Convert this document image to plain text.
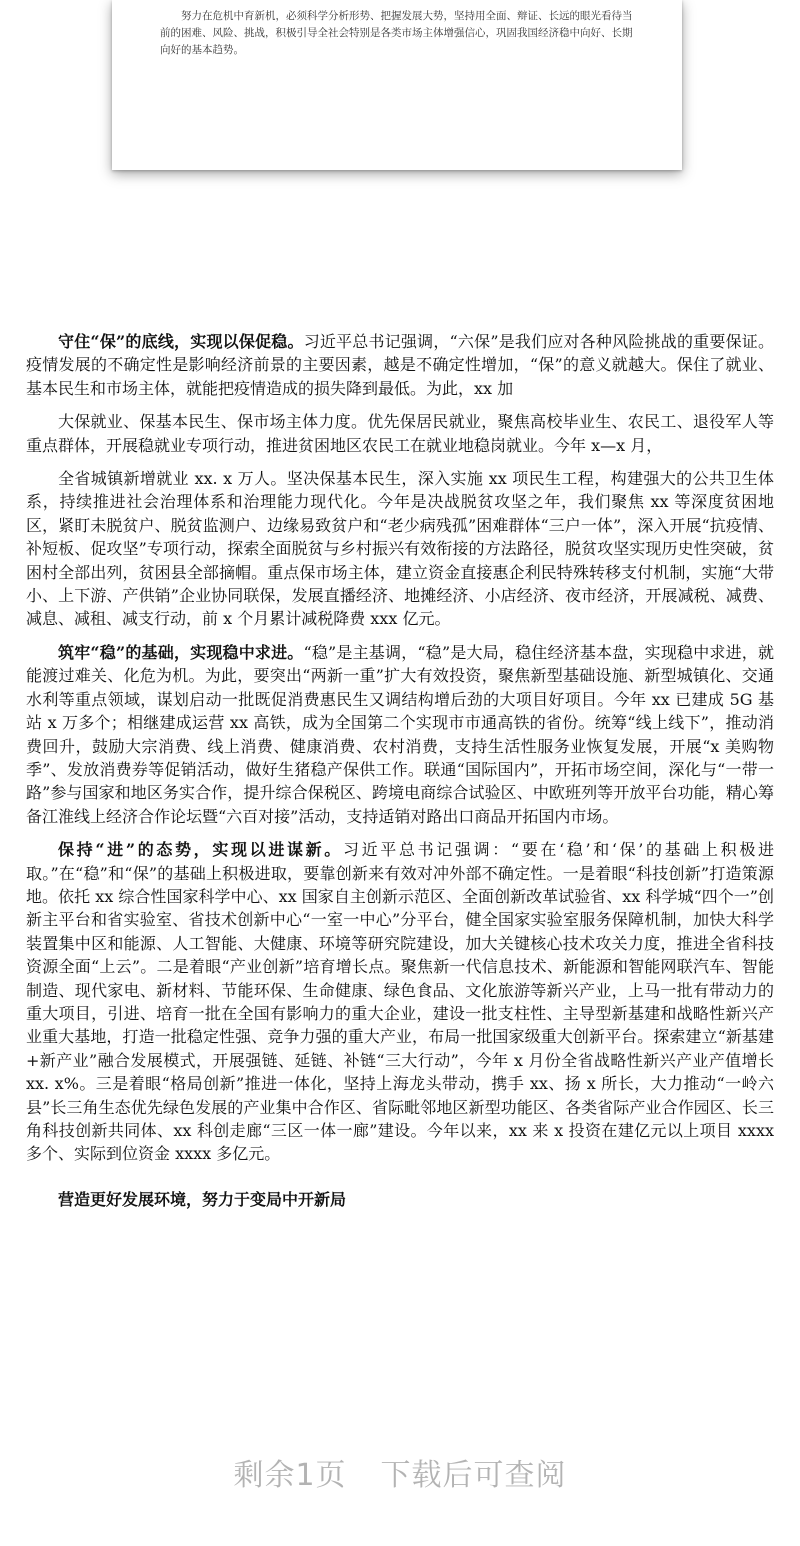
努力在危机中育新机，必须科学分析形势、把握发展大势，坚持用全面、辩证、长远的眼光看待当前的困难、风险、挑战，积极引导全社会特别是各类市场主体增强信心，巩固我国经济稳中向好、长期向好的基本趋势。

守住“保”的底线，实现以保促稳。习近平总书记强调，“六保”是我们应对各种风险挑战的重要保证。疫情发展的不确定性是影响经济前景的主要因素，越是不确定性增加，“保”的意义就越大。保住了就业、基本民生和市场主体，就能把疫情造成的损失降到最低。为此，xx 加

大保就业、保基本民生、保市场主体力度。优先保居民就业，聚焦高校毕业生、农民工、退役军人等重点群体，开展稳就业专项行动，推进贫困地区农民工在就业地稳岗就业。今年 x—x 月，

全省城镇新增就业 xx. x 万人。坚决保基本民生，深入实施 xx 项民生工程，构建强大的公共卫生体系，持续推进社会治理体系和治理能力现代化。今年是决战脱贫攻坚之年，我们聚焦 xx 等深度贫困地区，紧盯未脱贫户、脱贫监测户、边缘易致贫户和“老少病残孤”困难群体“三户一体”，深入开展“抗疫情、补短板、促攻坚”专项行动，探索全面脱贫与乡村振兴有效衔接的方法路径，脱贫攻坚实现历史性突破，贫困村全部出列，贫困县全部摘帽。重点保市场主体，建立资金直接惠企利民特殊转移支付机制，实施“大带小、上下游、产供销”企业协同联保，发展直播经济、地摊经济、小店经济、夜市经济，开展减税、减费、减息、减租、减支行动，前 x 个月累计减税降费 xxx 亿元。

筑牢“稳”的基础，实现稳中求进。“稳”是主基调，“稳”是大局，稳住经济基本盘，实现稳中求进，就能渡过难关、化危为机。为此，要突出“两新一重”扩大有效投资，聚焦新型基础设施、新型城镇化、交通水利等重点领域，谋划启动一批既促消费惠民生又调结构增后劲的大项目好项目。今年 xx 已建成 5G 基站 x 万多个；相继建成运营 xx 高铁，成为全国第二个实现市市通高铁的省份。统筹“线上线下”，推动消费回升，鼓励大宗消费、线上消费、健康消费、农村消费，支持生活性服务业恢复发展，开展“x 美购物季”、发放消费券等促销活动，做好生猪稳产保供工作。联通“国际国内”，开拓市场空间，深化与“一带一路”参与国家和地区务实合作，提升综合保税区、跨境电商综合试验区、中欧班列等开放平台功能，精心筹备江淮线上经济合作论坛暨“六百对接”活动，支持适销对路出口商品开拓国内市场。

保持“进”的态势，实现以进谋新。习近平总书记强调：“要在‘稳’和‘保’的基础上积极进取。”在“稳”和“保”的基础上积极进取，要靠创新来有效对冲外部不确定性。一是着眼“科技创新”打造策源地。依托 xx 综合性国家科学中心、xx 国家自主创新示范区、全面创新改革试验省、xx 科学城“四个一”创新主平台和省实验室、省技术创新中心“一室一中心”分平台，健全国家实验室服务保障机制，加快大科学装置集中区和能源、人工智能、大健康、环境等研究院建设，加大关键核心技术攻关力度，推进全省科技资源全面“上云”。二是着眼“产业创新”培育增长点。聚焦新一代信息技术、新能源和智能网联汽车、智能制造、现代家电、新材料、节能环保、生命健康、绿色食品、文化旅游等新兴产业，上马一批有带动力的重大项目，引进、培育一批在全国有影响力的重大企业，建设一批支柱性、主导型新基建和战略性新兴产业重大基地，打造一批稳定性强、竞争力强的重大产业，布局一批国家级重大创新平台。探索建立“新基建+新产业”融合发展模式，开展强链、延链、补链“三大行动”，今年 x 月份全省战略性新兴产业产值增长 xx. x%。三是着眼“格局创新”推进一体化，坚持上海龙头带动，携手 xx、扬 x 所长，大力推动“一岭六县”长三角生态优先绿色发展的产业集中合作区、省际毗邻地区新型功能区、各类省际产业合作园区、长三角科技创新共同体、xx 科创走廊“三区一体一廊”建设。今年以来，xx 来 x 投资在建亿元以上项目 xxxx 多个、实际到位资金 xxxx 多亿元。

营造更好发展环境，努力于变局中开新局

剩余1页 下载后可查阅
